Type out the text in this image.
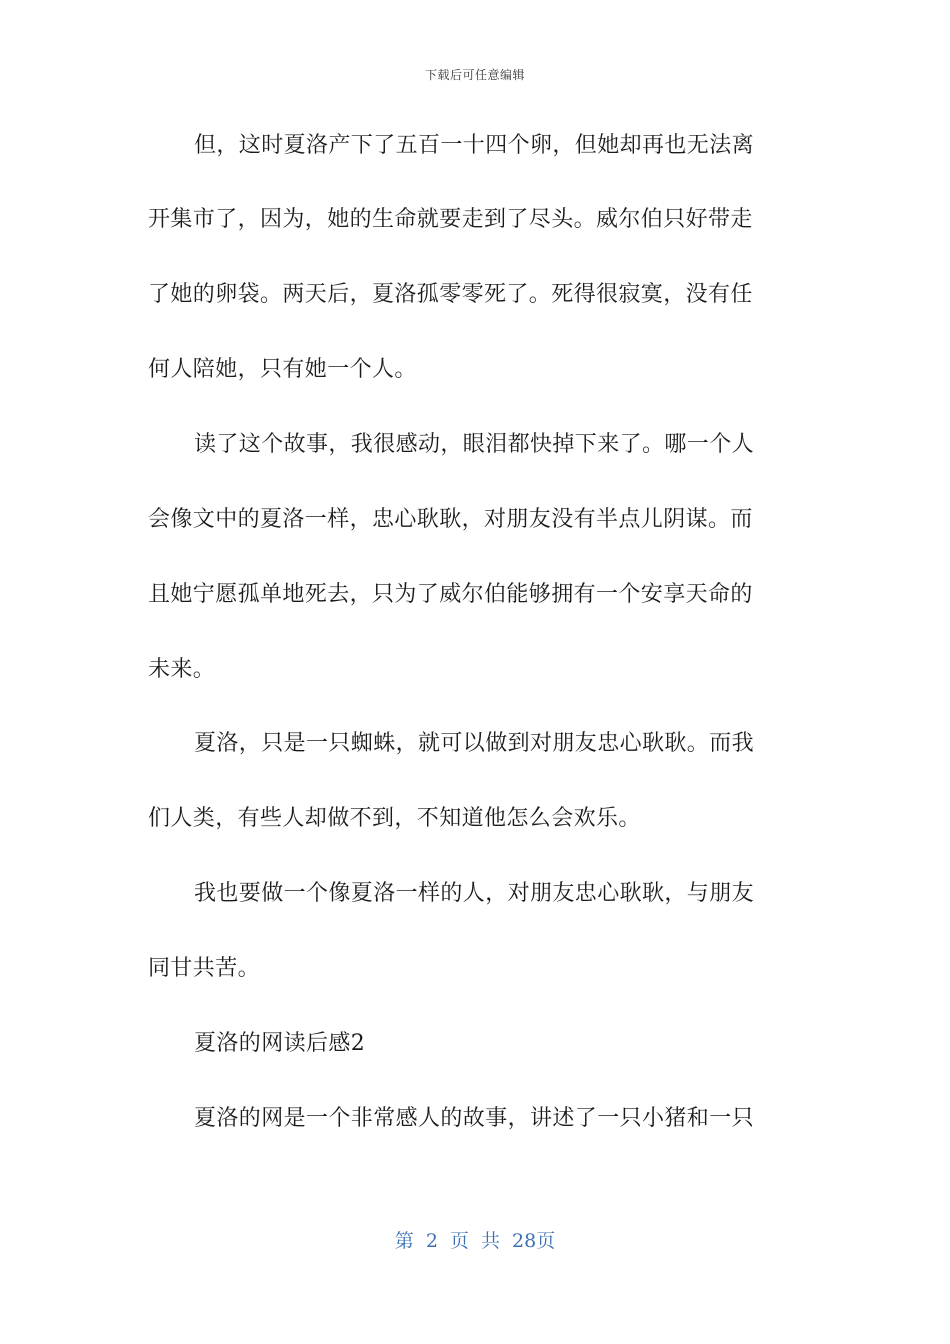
下载后可任意编辑
但，这时夏洛产下了五百一十四个卵，但她却再也无法离
开集市了，因为，她的生命就要走到了尽头。威尔伯只好带走
了她的卵袋。两天后，夏洛孤零零死了。死得很寂寞，没有任
何人陪她，只有她一个人。
读了这个故事，我很感动，眼泪都快掉下来了。哪一个人
会像文中的夏洛一样，忠心耿耿，对朋友没有半点儿阴谋。而
且她宁愿孤单地死去，只为了威尔伯能够拥有一个安享天命的
未来。
夏洛，只是一只蜘蛛，就可以做到对朋友忠心耿耿。而我
们人类，有些人却做不到，不知道他怎么会欢乐。
我也要做一个像夏洛一样的人，对朋友忠心耿耿，与朋友
同甘共苦。
夏洛的网读后感2
夏洛的网是一个非常感人的故事，讲述了一只小猪和一只
第 2 页 共 28页
